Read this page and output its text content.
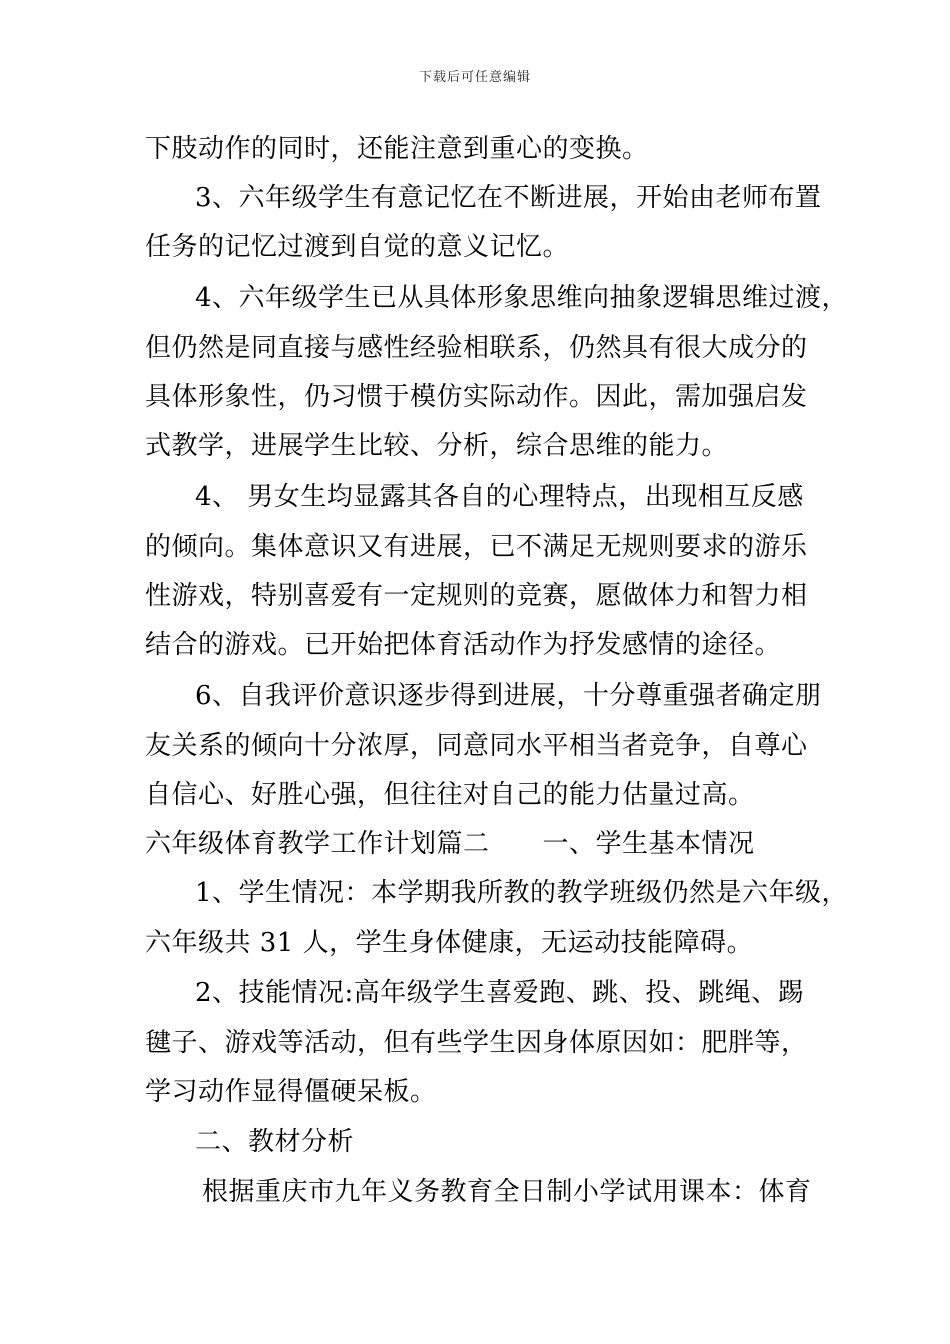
下载后可任意编辑
下肢动作的同时，还能注意到重心的变换。
3、六年级学生有意记忆在不断进展，开始由老师布置
任务的记忆过渡到自觉的意义记忆。
4、六年级学生已从具体形象思维向抽象逻辑思维过渡，
但仍然是同直接与感性经验相联系，仍然具有很大成分的
具体形象性，仍习惯于模仿实际动作。因此，需加强启发
式教学，进展学生比较、分析，综合思维的能力。
4、 男女生均显露其各自的心理特点，出现相互反感
的倾向。集体意识又有进展，已不满足无规则要求的游乐
性游戏，特别喜爱有一定规则的竞赛，愿做体力和智力相
结合的游戏。已开始把体育活动作为抒发感情的途径。
6、自我评价意识逐步得到进展，十分尊重强者确定朋
友关系的倾向十分浓厚，同意同水平相当者竞争，自尊心
自信心、好胜心强，但往往对自己的能力估量过高。
六年级体育教学工作计划篇二　　一、学生基本情况
1、学生情况：本学期我所教的教学班级仍然是六年级，
六年级共 31 人，学生身体健康，无运动技能障碍。
2、技能情况:高年级学生喜爱跑、跳、投、跳绳、踢
毽子、游戏等活动，但有些学生因身体原因如：肥胖等，
学习动作显得僵硬呆板。
二、教材分析
根据重庆市九年义务教育全日制小学试用课本：体育
